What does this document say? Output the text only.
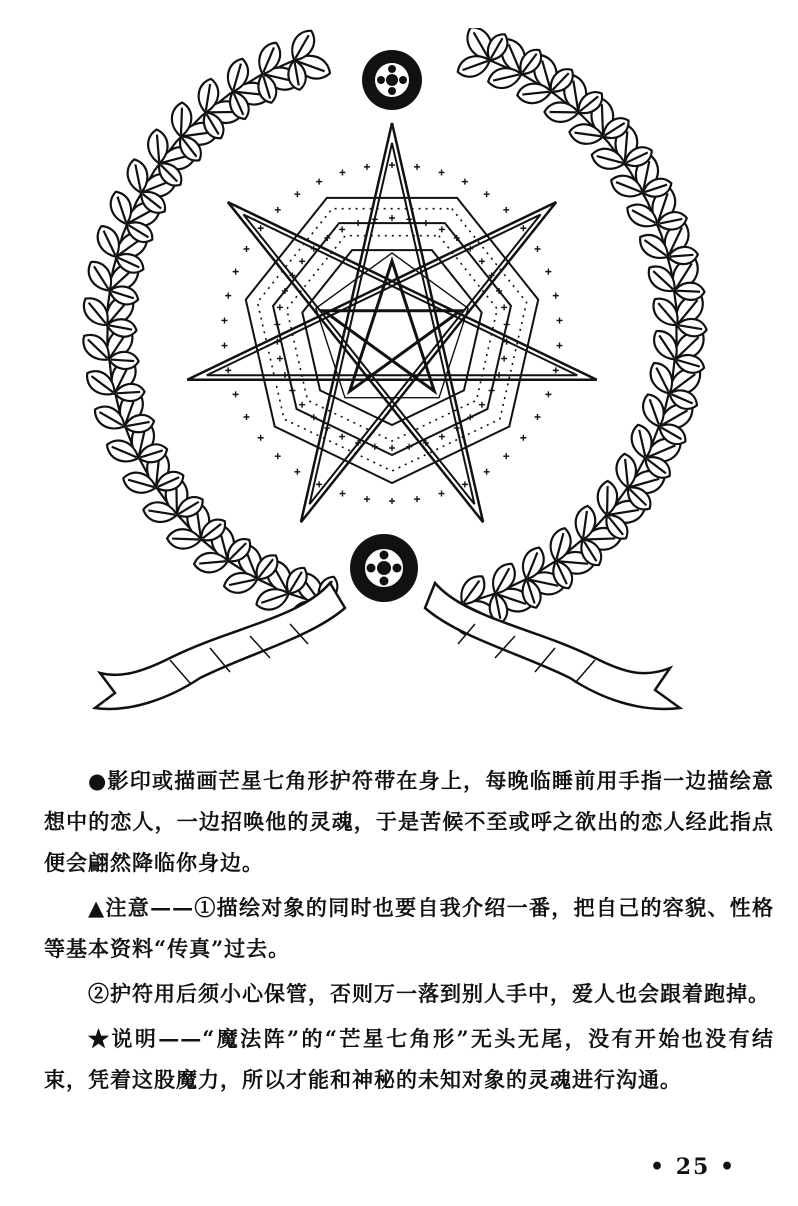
●影印或描画芒星七角形护符带在身上，每晚临睡前用手指一边描绘意想中的恋人，一边招唤他的灵魂，于是苦候不至或呼之欲出的恋人经此指点便会翩然降临你身边。

▲注意——①描绘对象的同时也要自我介绍一番，把自己的容貌、性格等基本资料“传真”过去。

②护符用后须小心保管，否则万一落到别人手中，爱人也会跟着跑掉。

★说明——“魔法阵”的“芒星七角形”无头无尾，没有开始也没有结束，凭着这股魔力，所以才能和神秘的未知对象的灵魂进行沟通。

• 25 •
